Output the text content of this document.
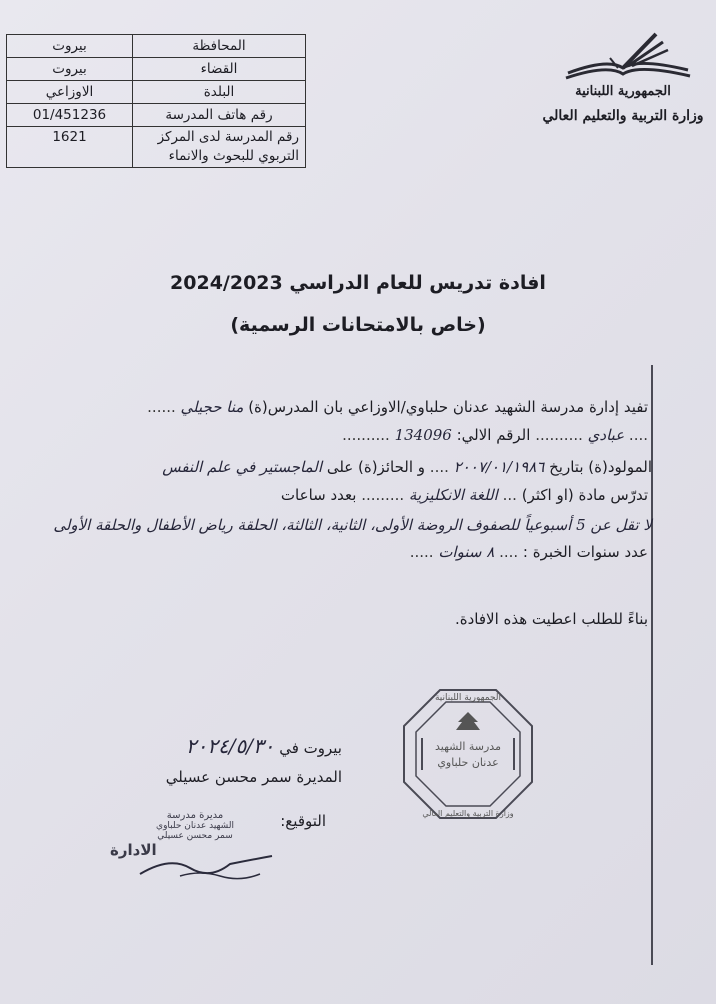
المحافظة	بيروت
القضاء	بيروت
البلدة	الاوزاعي
رقم هاتف المدرسة	01/451236
رقم المدرسة لدى المركز التربوي للبحوث والانماء	1621
الجمهورية اللبنانية
وزارة التربية والتعليم العالي
افادة تدريس للعام الدراسي 2024/2023
(خاص بالامتحانات الرسمية)
تفيد إدارة مدرسة الشهيد عدنان حلباوي/الاوزاعي بان المدرس(ة) منا حجيلي ......
.... عبادي .......... الرقم الالي: 134096 ..........
المولود(ة) بتاريخ ٢٠٠٧/٠١/١٩٨٦ .... و الحائز(ة) على الماجستير في علم النفس
تدرّس مادة (او اكثر) ... اللغة الانكليزية ......... بعدد ساعات
لا تقل عن 5 أسبوعياً للصفوف الروضة الأولى، الثانية، الثالثة، الحلقة رياض الأطفال والحلقة الأولى
عدد سنوات الخبرة : .... ٨ سنوات .....
بناءً للطلب اعطيت هذه الافادة.
الجمهورية اللبنانية
مدرسة الشهيد
عدنان حلباوي
وزارة التربية والتعليم العالي
بيروت في ٢٠٢٤/٥/٣٠
المديرة سمر محسن عسيلي
التوقيع:
مديرة مدرسة
الشهيد عدنان حلباوي
سمر محسن عسيلي
الادارة
